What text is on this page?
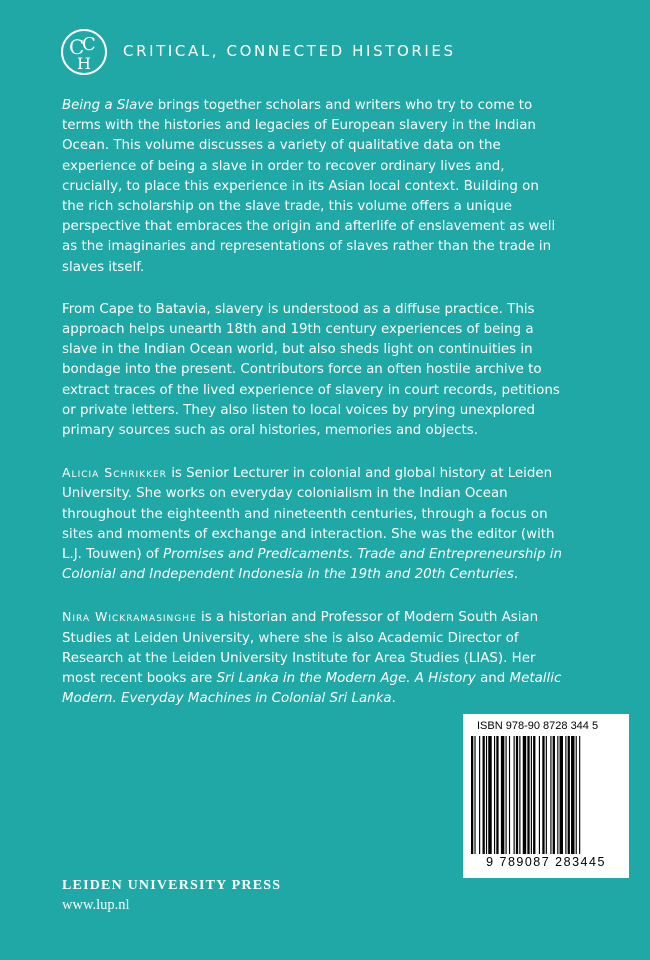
C
C
H
CRITICAL, CONNECTED HISTORIES

Being a Slave brings together scholars and writers who try to come to terms with the histories and legacies of European slavery in the Indian Ocean. This volume discusses a variety of qualitative data on the experience of being a slave in order to recover ordinary lives and, crucially, to place this experience in its Asian local context. Building on the rich scholarship on the slave trade, this volume offers a unique perspective that embraces the origin and afterlife of enslavement as well as the imaginaries and representations of slaves rather than the trade in slaves itself.

From Cape to Batavia, slavery is understood as a diffuse practice. This approach helps unearth 18th and 19th century experiences of being a slave in the Indian Ocean world, but also sheds light on continuities in bondage into the present. Contributors force an often hostile archive to extract traces of the lived experience of slavery in court records, petitions or private letters. They also listen to local voices by prying unexplored primary sources such as oral histories, memories and objects.

Alicia Schrikker is Senior Lecturer in colonial and global history at Leiden University. She works on everyday colonialism in the Indian Ocean throughout the eighteenth and nineteenth centuries, through a focus on sites and moments of exchange and interaction. She was the editor (with L.J. Touwen) of Promises and Predicaments. Trade and Entrepreneurship in Colonial and Independent Indonesia in the 19th and 20th Centuries.

Nira Wickramasinghe is a historian and Professor of Modern South Asian Studies at Leiden University, where she is also Academic Director of Research at the Leiden University Institute for Area Studies (LIAS). Her most recent books are Sri Lanka in the Modern Age. A History and Metallic Modern. Everyday Machines in Colonial Sri Lanka.

ISBN 978-90 8728 344 5
9 789087 283445
LEIDEN UNIVERSITY PRESS
www.lup.nl
